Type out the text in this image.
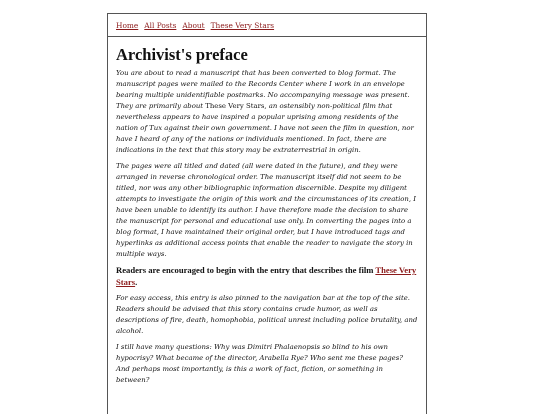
Home All Posts About These Very Stars
Archivist's preface

You are about to read a manuscript that has been converted to blog format. The manuscript pages were mailed to the Records Center where I work in an envelope bearing multiple unidentifiable postmarks. No accompanying message was present. They are primarily about These Very Stars, an ostensibly non-political film that nevertheless appears to have inspired a popular uprising among residents of the nation of Tux against their own government. I have not seen the film in question, nor have I heard of any of the nations or individuals mentioned. In fact, there are indications in the text that this story may be extraterrestrial in origin.

The pages were all titled and dated (all were dated in the future), and they were arranged in reverse chronological order. The manuscript itself did not seem to be titled, nor was any other bibliographic information discernible. Despite my diligent attempts to investigate the origin of this work and the circumstances of its creation, I have been unable to identify its author. I have therefore made the decision to share the manuscript for personal and educational use only. In converting the pages into a blog format, I have maintained their original order, but I have introduced tags and hyperlinks as additional access points that enable the reader to navigate the story in multiple ways.

Readers are encouraged to begin with the entry that describes the film These Very Stars.

For easy access, this entry is also pinned to the navigation bar at the top of the site. Readers should be advised that this story contains crude humor, as well as descriptions of fire, death, homophobia, political unrest including police brutality, and alcohol.

I still have many questions: Why was Dimitri Phalaenopsis so blind to his own hypocrisy? What became of the director, Arabella Rye? Who sent me these pages? And perhaps most importantly, is this a work of fact, fiction, or something in between?
